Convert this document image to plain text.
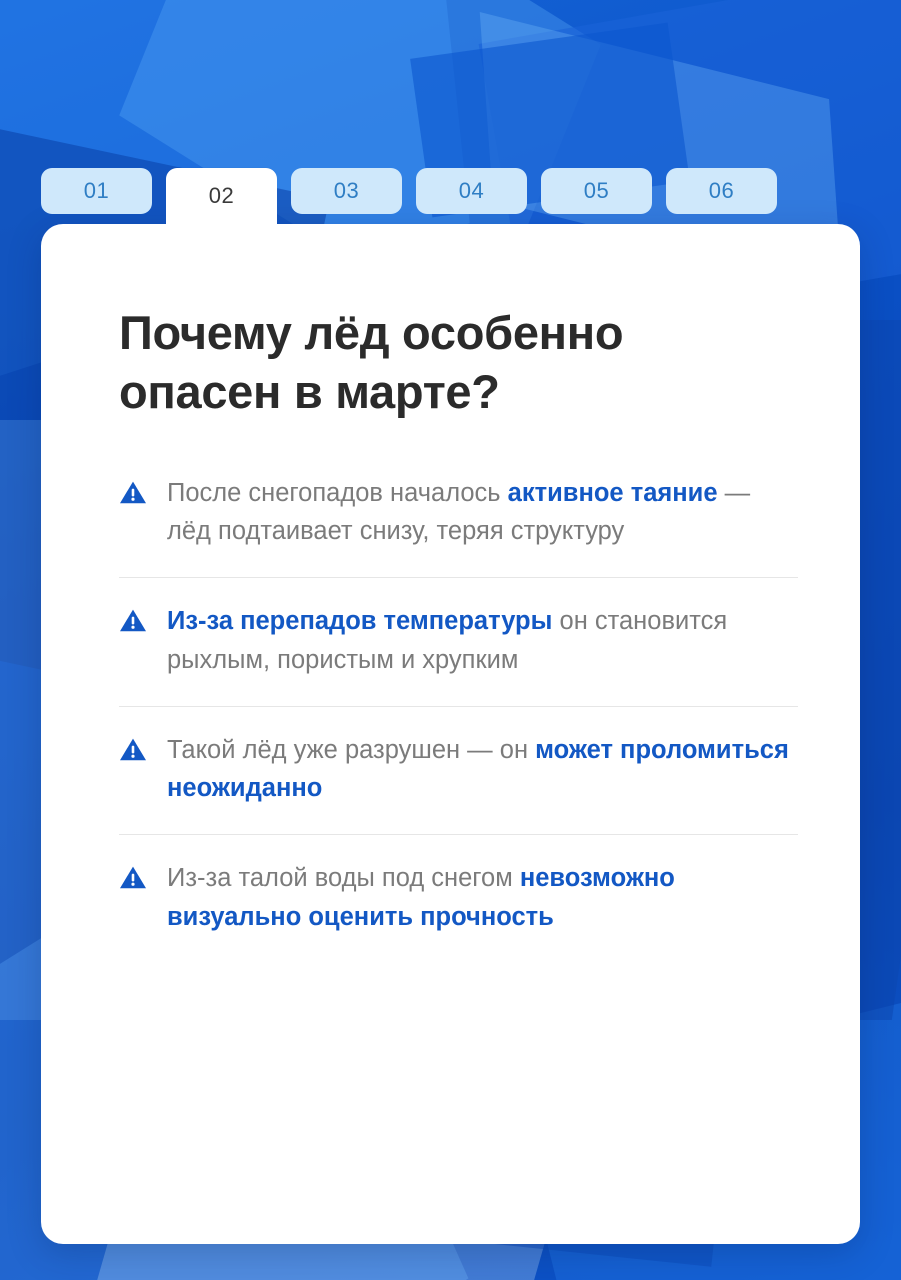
01	02	03	04	05	06
Почему лёд особенно опасен в марте?
После снегопадов началось активное таяние — лёд подтаивает снизу, теряя структуру
Из-за перепадов температуры он становится рыхлым, пористым и хрупким
Такой лёд уже разрушен — он может проломиться неожиданно
Из-за талой воды под снегом невозможно визуально оценить прочность
